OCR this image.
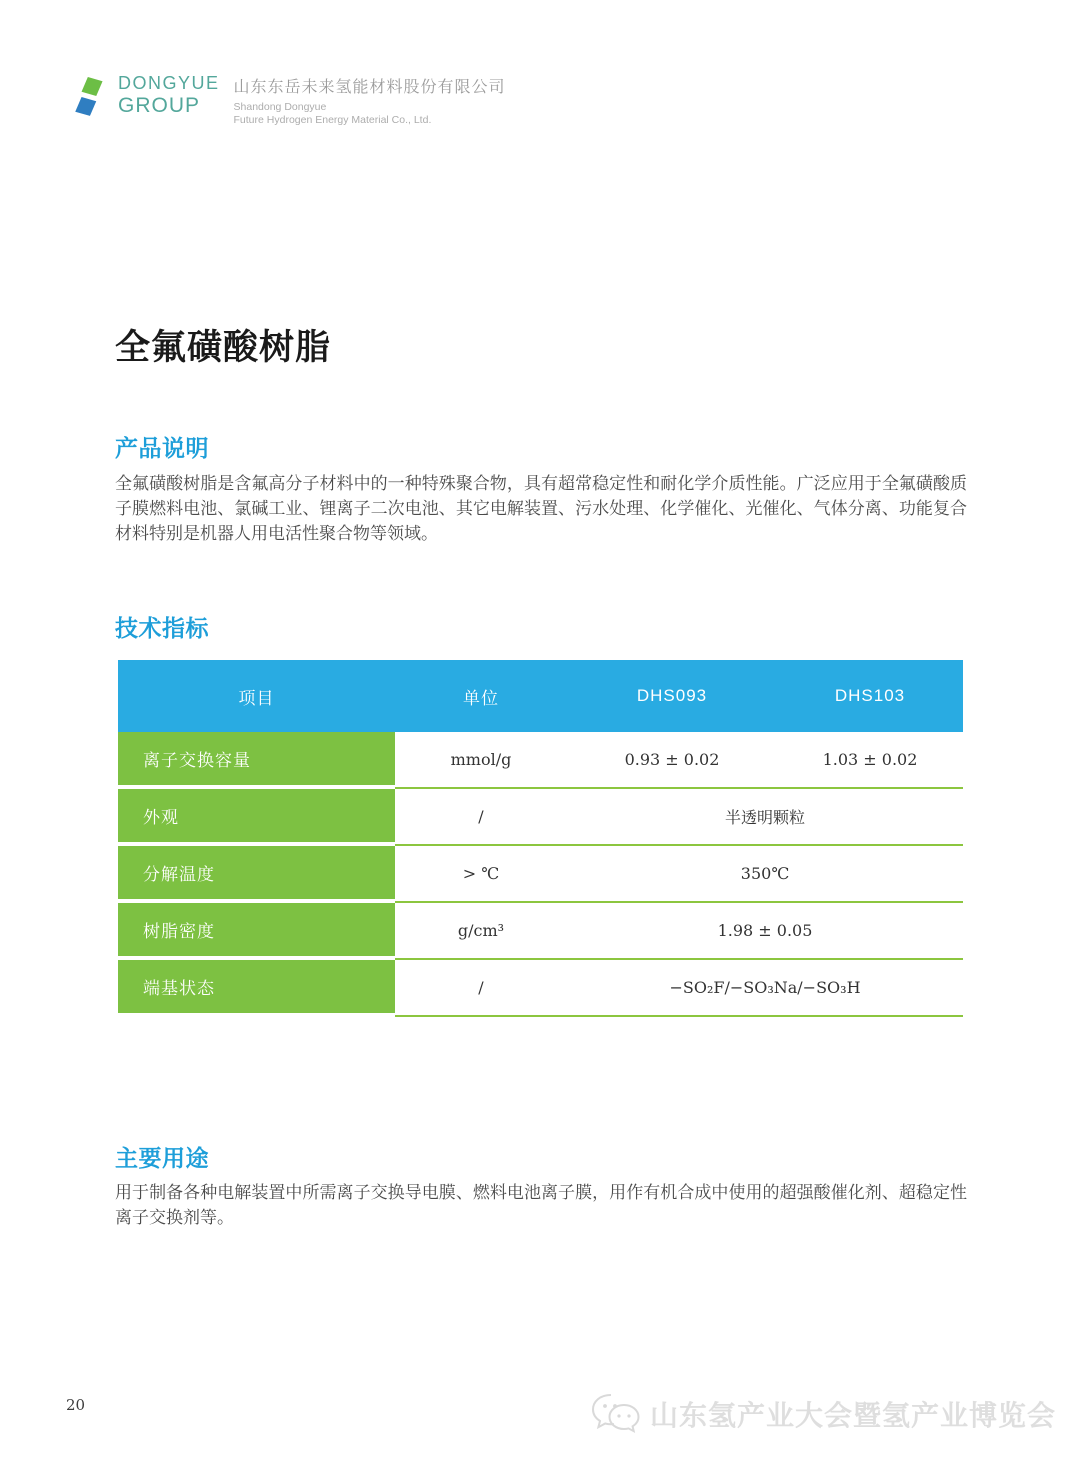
DONGYUE
GROUP
山东东岳未来氢能材料股份有限公司
Shandong Dongyue
Future Hydrogen Energy Material Co., Ltd.
全氟磺酸树脂
产品说明
全氟磺酸树脂是含氟高分子材料中的一种特殊聚合物，具有超常稳定性和耐化学介质性能。广泛应用于全氟磺酸质子膜燃料电池、氯碱工业、锂离子二次电池、其它电解装置、污水处理、化学催化、光催化、气体分离、功能复合材料特别是机器人用电活性聚合物等领域。
技术指标
项目	单位	DHS093	DHS103
离子交换容量	mmol/g	0.93 ± 0.02	1.03 ± 0.02
外观	/	半透明颗粒
分解温度	> ℃	350℃
树脂密度	g/cm³	1.98 ± 0.05
端基状态	/	−SO₂F/−SO₃Na/−SO₃H
主要用途
用于制备各种电解装置中所需离子交换导电膜、燃料电池离子膜，用作有机合成中使用的超强酸催化剂、超稳定性离子交换剂等。
20	山东氢产业大会暨氢产业博览会
